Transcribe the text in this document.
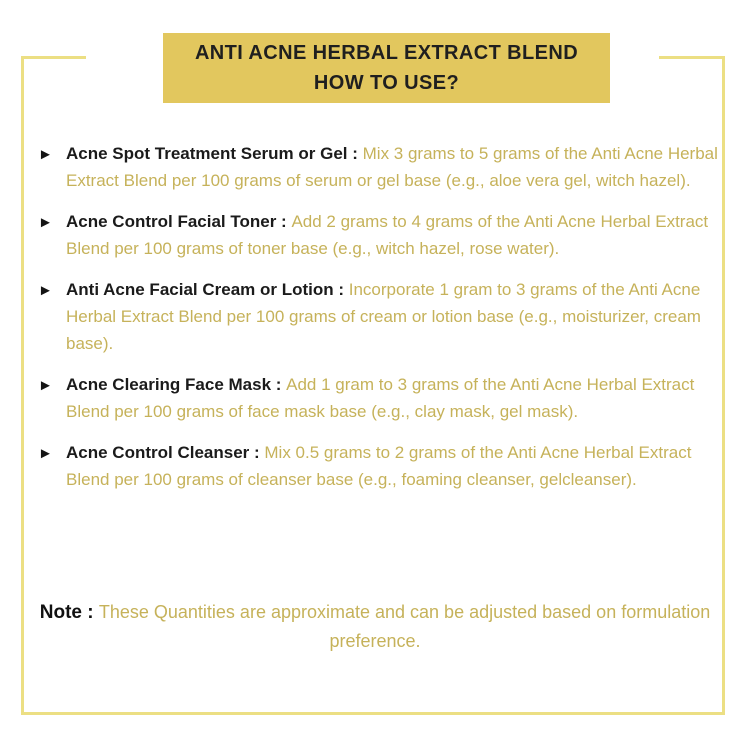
ANTI ACNE HERBAL EXTRACT BLEND
HOW TO USE?
► Acne Spot Treatment Serum or Gel : Mix 3 grams to 5 grams of the Anti Acne Herbal Extract Blend per 100 grams of serum or gel base (e.g., aloe vera gel, witch hazel).
► Acne Control Facial Toner : Add 2 grams to 4 grams of the Anti Acne Herbal Extract Blend per 100 grams of toner base (e.g., witch hazel, rose water).
► Anti Acne Facial Cream or Lotion : Incorporate 1 gram to 3 grams of the Anti Acne Herbal Extract Blend per 100 grams of cream or lotion base (e.g., moisturizer, cream base).
► Acne Clearing Face Mask : Add 1 gram to 3 grams of the Anti Acne Herbal Extract Blend per 100 grams of face mask base (e.g., clay mask, gel mask).
► Acne Control Cleanser : Mix 0.5 grams to 2 grams of the Anti Acne Herbal Extract Blend per 100 grams of cleanser base (e.g., foaming cleanser, gelcleanser).
Note : These Quantities are approximate and can be adjusted based on formulation preference.
